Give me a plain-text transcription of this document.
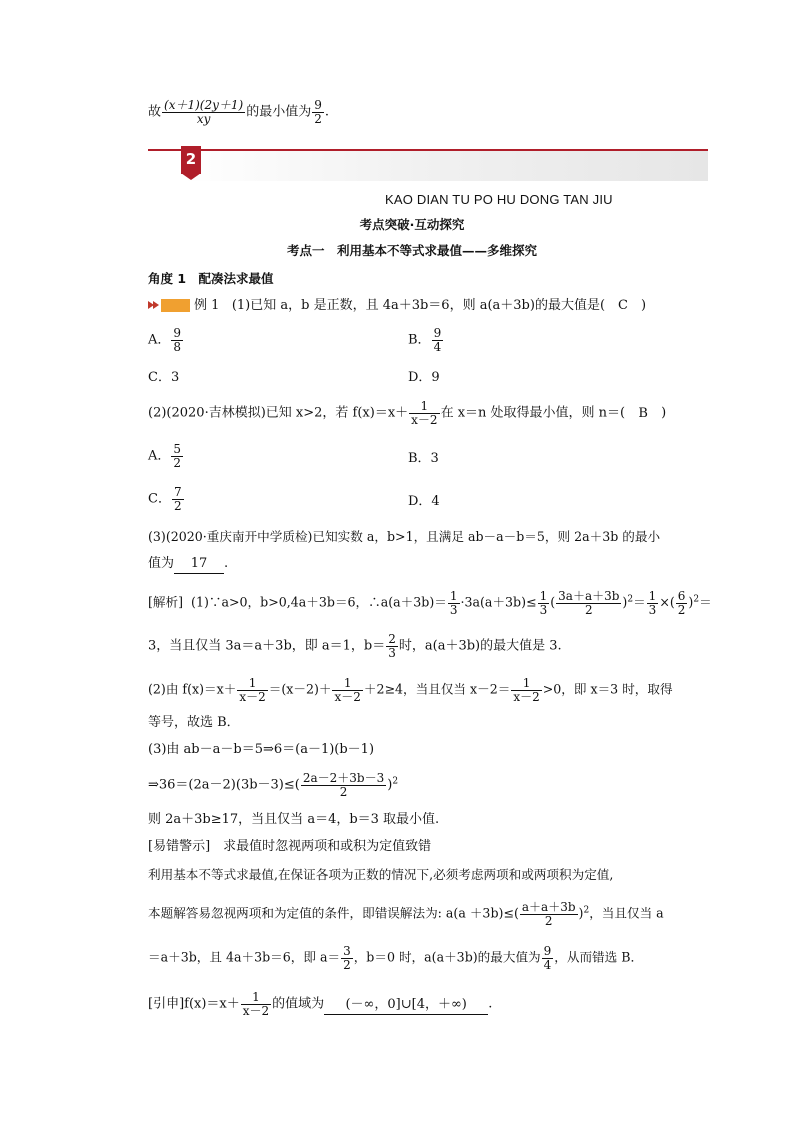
故 $\frac{(x+1)(2y+1)}{xy}$ 的最小值为 $\frac{9}{2}$ .
2
KAO DIAN TU PO HU DONG TAN JIU
考点突破·互动探究
考点一　利用基本不等式求最值——多维探究
角度 1　配凑法求最值
例 1 (1)已知 a，b 是正数，且 4a＋3b＝6，则 a(a＋3b)的最大值是( C )
A． $\frac{9}{8}$	B． $\frac{9}{4}$
C．3	D．9
(2)(2020·吉林模拟)已知 x>2，若 $f(x)=x+ \frac{1}{x-2}$ 在 x＝n 处取得最小值，则 n＝( B )
A． $\frac{5}{2}$	B．3
C． $\frac{7}{2}$	D．4
(3)(2020·重庆南开中学质检)已知实数 a，b>1，且满足 ab－a－b＝5，则 2a＋3b 的最小
值为 17 .
[解析] (1)∵a>0，b>0,4a＋3b＝6，∴a(a＋3b)＝ $\frac{1}{3} \cdot 3a(a+3b)\le \frac{1}{3}$ ( $\frac{3a+a+3b}{2} )^2= \frac{1}{3}$ ×( $\frac{6}{2} )^2=$
3，当且仅当 3a＝a＋3b，即 a＝1，$b= \frac{2}{3}$ 时，a(a＋3b)的最大值是 3.
(2)由 $f(x)=x+ \frac{1}{x-2} =(x-2)+ \frac{1}{x-2} +2\ge 4$，当且仅当 $x-2= \frac{1}{x-2} >0$，即 x＝3 时，取得
等号，故选 B．
(3)由 ab－a－b＝5⇒6＝(a－1)(b－1)
⇒36＝(2a－2)(3b－3)≤( $\frac{2a-2+3b-3}{2} )^2$
则 2a＋3b≥17，当且仅当 a＝4，b＝3 取最小值.
[易错警示]　求最值时忽视两项和或积为定值致错
利用基本不等式求最值,在保证各项为正数的情况下,必须考虑两项和或两项积为定值,
本题解答易忽视两项和为定值的条件，即错误解法为: $a(a +3b)\le( \frac{a+a+3b}{2} )^2$，当且仅当 a
＝a＋3b，且 4a＋3b＝6，即 $a= \frac{3}{2}$ ，b＝0 时，a(a＋3b)的最大值为 $\frac{9}{4}$ ，从而错选 B．
[引申]$f(x)=x+ \frac{1}{x-2}$ 的值域为 (－∞，0]∪[4，＋∞) .
